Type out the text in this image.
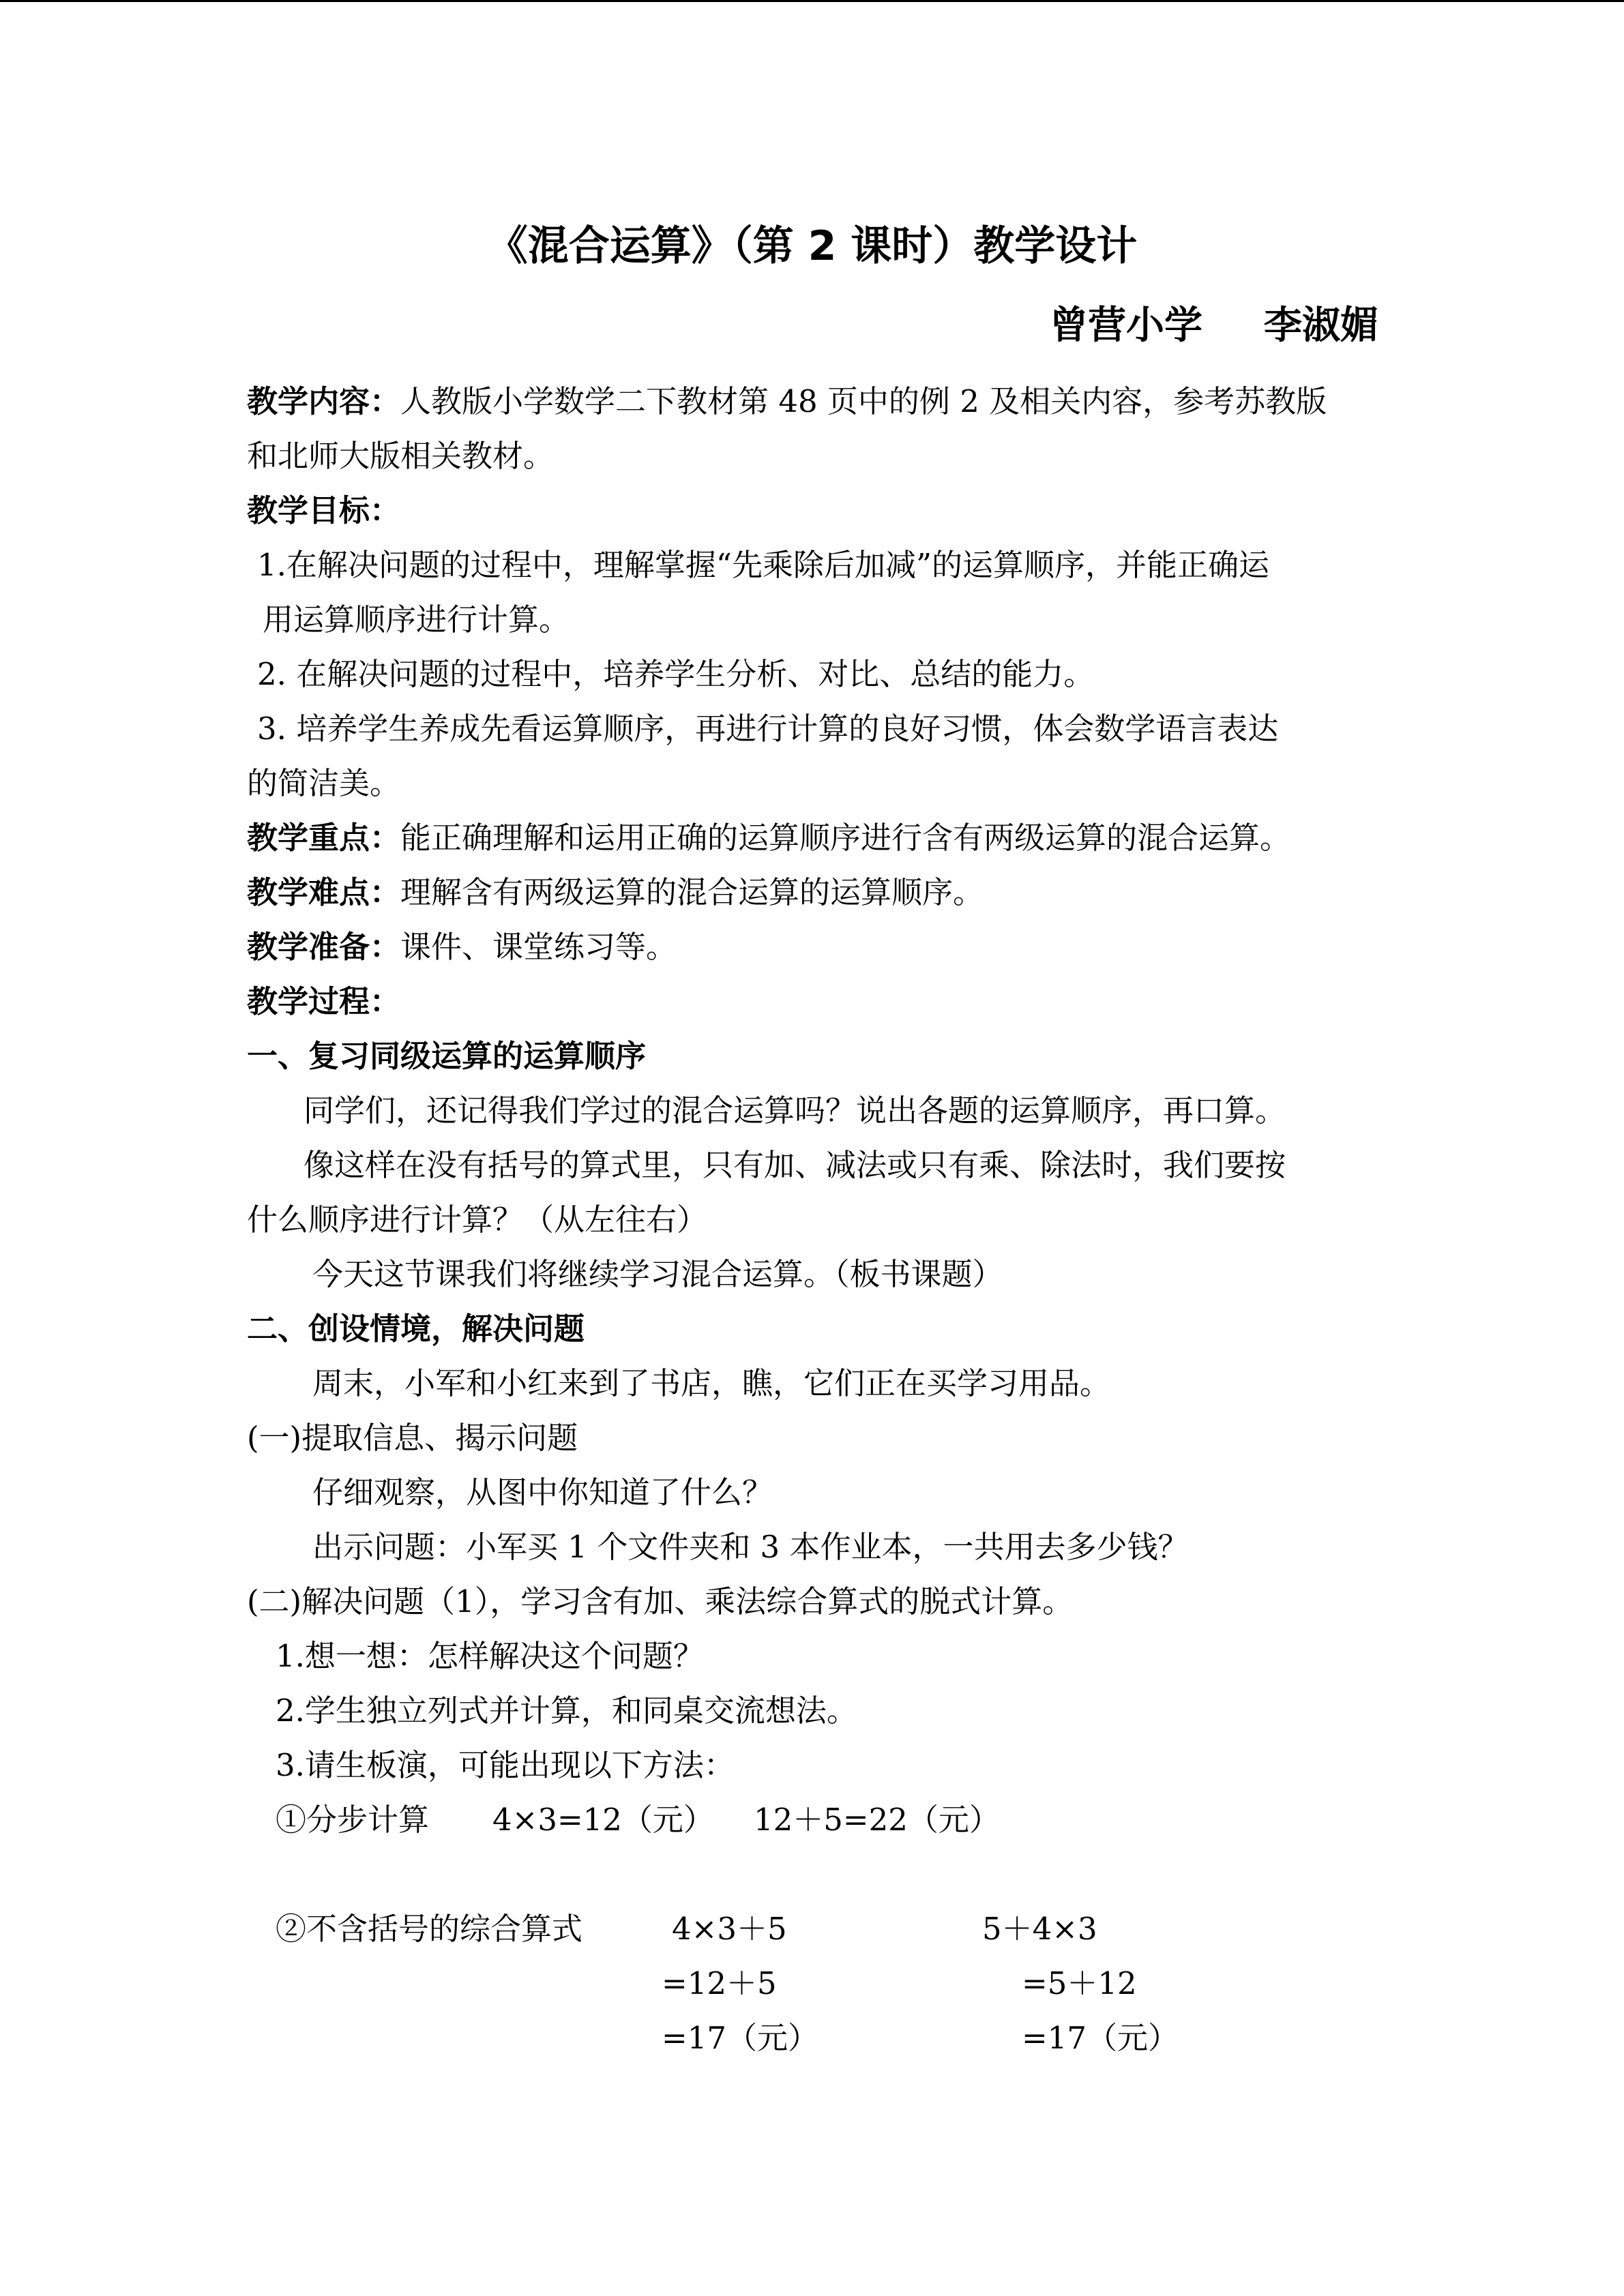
《混合运算》（第 2 课时）教学设计
曾营小学 李淑媚
教学内容：人教版小学数学二下教材第 48 页中的例 2 及相关内容，参考苏教版
和北师大版相关教材。
教学目标：
1.在解决问题的过程中，理解掌握“先乘除后加减”的运算顺序，并能正确运
用运算顺序进行计算。
2. 在解决问题的过程中，培养学生分析、对比、总结的能力。
3. 培养学生养成先看运算顺序，再进行计算的良好习惯，体会数学语言表达
的简洁美。
教学重点：能正确理解和运用正确的运算顺序进行含有两级运算的混合运算。
教学难点：理解含有两级运算的混合运算的运算顺序。
教学准备：课件、课堂练习等。
教学过程：
一、复习同级运算的运算顺序
同学们，还记得我们学过的混合运算吗？说出各题的运算顺序，再口算。
像这样在没有括号的算式里，只有加、减法或只有乘、除法时，我们要按
什么顺序进行计算？（从左往右）
今天这节课我们将继续学习混合运算。（板书课题）
二、创设情境，解决问题
周末，小军和小红来到了书店，瞧，它们正在买学习用品。
(一)提取信息、揭示问题
仔细观察，从图中你知道了什么？
出示问题：小军买 1 个文件夹和 3 本作业本，一共用去多少钱？
(二)解决问题（1），学习含有加、乘法综合算式的脱式计算。
1.想一想：怎样解决这个问题？
2.学生独立列式并计算，和同桌交流想法。
3.请生板演，可能出现以下方法：
①分步计算 4×3=12（元） 12＋5=22（元）
②不含括号的综合算式	4×3＋5
=12＋5
=17（元）
5＋4×3
=5＋12
=17（元）
